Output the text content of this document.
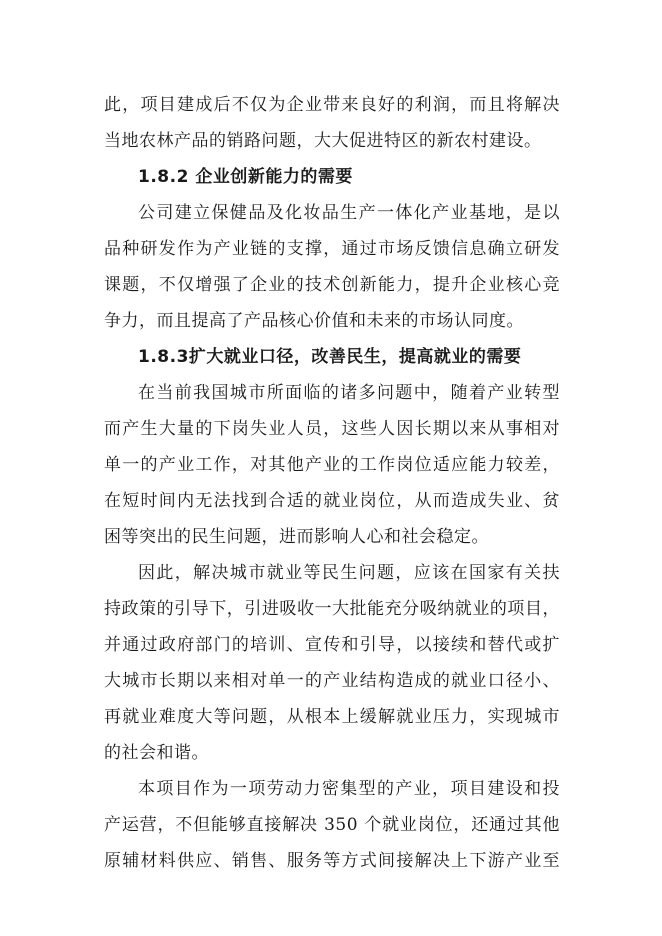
此，项目建成后不仅为企业带来良好的利润，而且将解决
当地农林产品的销路问题，大大促进特区的新农村建设。
1.8.2 企业创新能力的需要
公司建立保健品及化妆品生产一体化产业基地，是以
品种研发作为产业链的支撑，通过市场反馈信息确立研发
课题，不仅增强了企业的技术创新能力，提升企业核心竞
争力，而且提高了产品核心价值和未来的市场认同度。
1.8.3扩大就业口径，改善民生，提高就业的需要
在当前我国城市所面临的诸多问题中，随着产业转型
而产生大量的下岗失业人员，这些人因长期以来从事相对
单一的产业工作，对其他产业的工作岗位适应能力较差，
在短时间内无法找到合适的就业岗位，从而造成失业、贫
困等突出的民生问题，进而影响人心和社会稳定。
因此，解决城市就业等民生问题，应该在国家有关扶
持政策的引导下，引进吸收一大批能充分吸纳就业的项目，
并通过政府部门的培训、宣传和引导，以接续和替代或扩
大城市长期以来相对单一的产业结构造成的就业口径小、
再就业难度大等问题，从根本上缓解就业压力，实现城市
的社会和谐。
本项目作为一项劳动力密集型的产业，项目建设和投
产运营，不但能够直接解决 350 个就业岗位，还通过其他
原辅材料供应、销售、服务等方式间接解决上下游产业至
